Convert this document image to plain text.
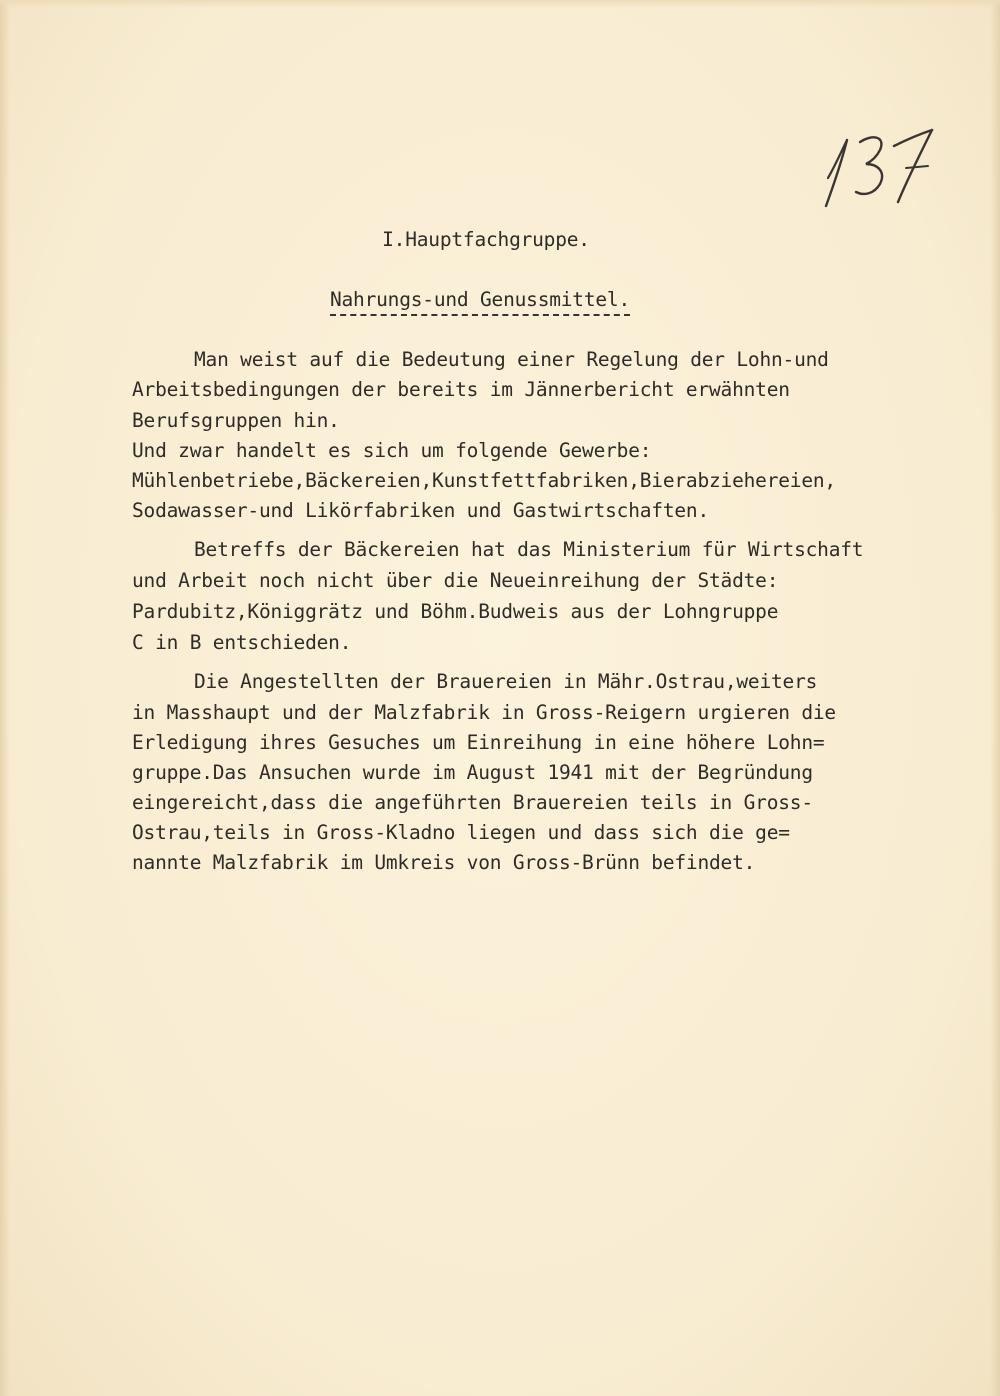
I.Hauptfachgruppe.
Nahrungs-und Genussmittel.
Man weist auf die Bedeutung einer Regelung der Lohn-und
Arbeitsbedingungen der bereits im Jännerbericht erwähnten
Berufsgruppen hin.
Und zwar handelt es sich um folgende Gewerbe:
Mühlenbetriebe,Bäckereien,Kunstfettfabriken,Bierabziehereien,
Sodawasser-und Likörfabriken und Gastwirtschaften.
Betreffs der Bäckereien hat das Ministerium für Wirtschaft
und Arbeit noch nicht über die Neueinreihung der Städte:
Pardubitz,Königgrätz und Böhm.Budweis aus der Lohngruppe
C in B entschieden.
Die Angestellten der Brauereien in Mähr.Ostrau,weiters
in Masshaupt und der Malzfabrik in Gross-Reigern urgieren die
Erledigung ihres Gesuches um Einreihung in eine höhere Lohn=
gruppe.Das Ansuchen wurde im August 1941 mit der Begründung
eingereicht,dass die angeführten Brauereien teils in Gross-
Ostrau,teils in Gross-Kladno liegen und dass sich die ge=
nannte Malzfabrik im Umkreis von Gross-Brünn befindet.
